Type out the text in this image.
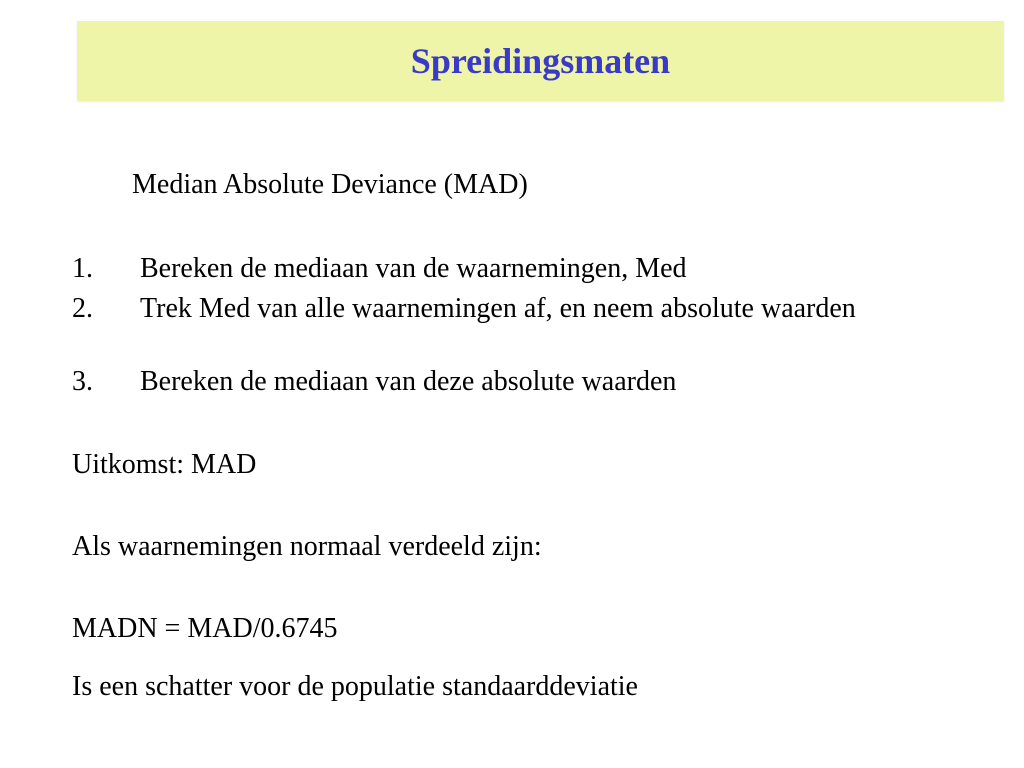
Spreidingsmaten
Median Absolute Deviance (MAD)
1. Bereken de mediaan van de waarnemingen, Med
2. Trek Med van alle waarnemingen af, en neem absolute waarden
3. Bereken de mediaan van deze absolute waarden
Uitkomst: MAD
Als waarnemingen normaal verdeeld zijn:
MADN = MAD/0.6745
Is een schatter voor de populatie standaarddeviatie
